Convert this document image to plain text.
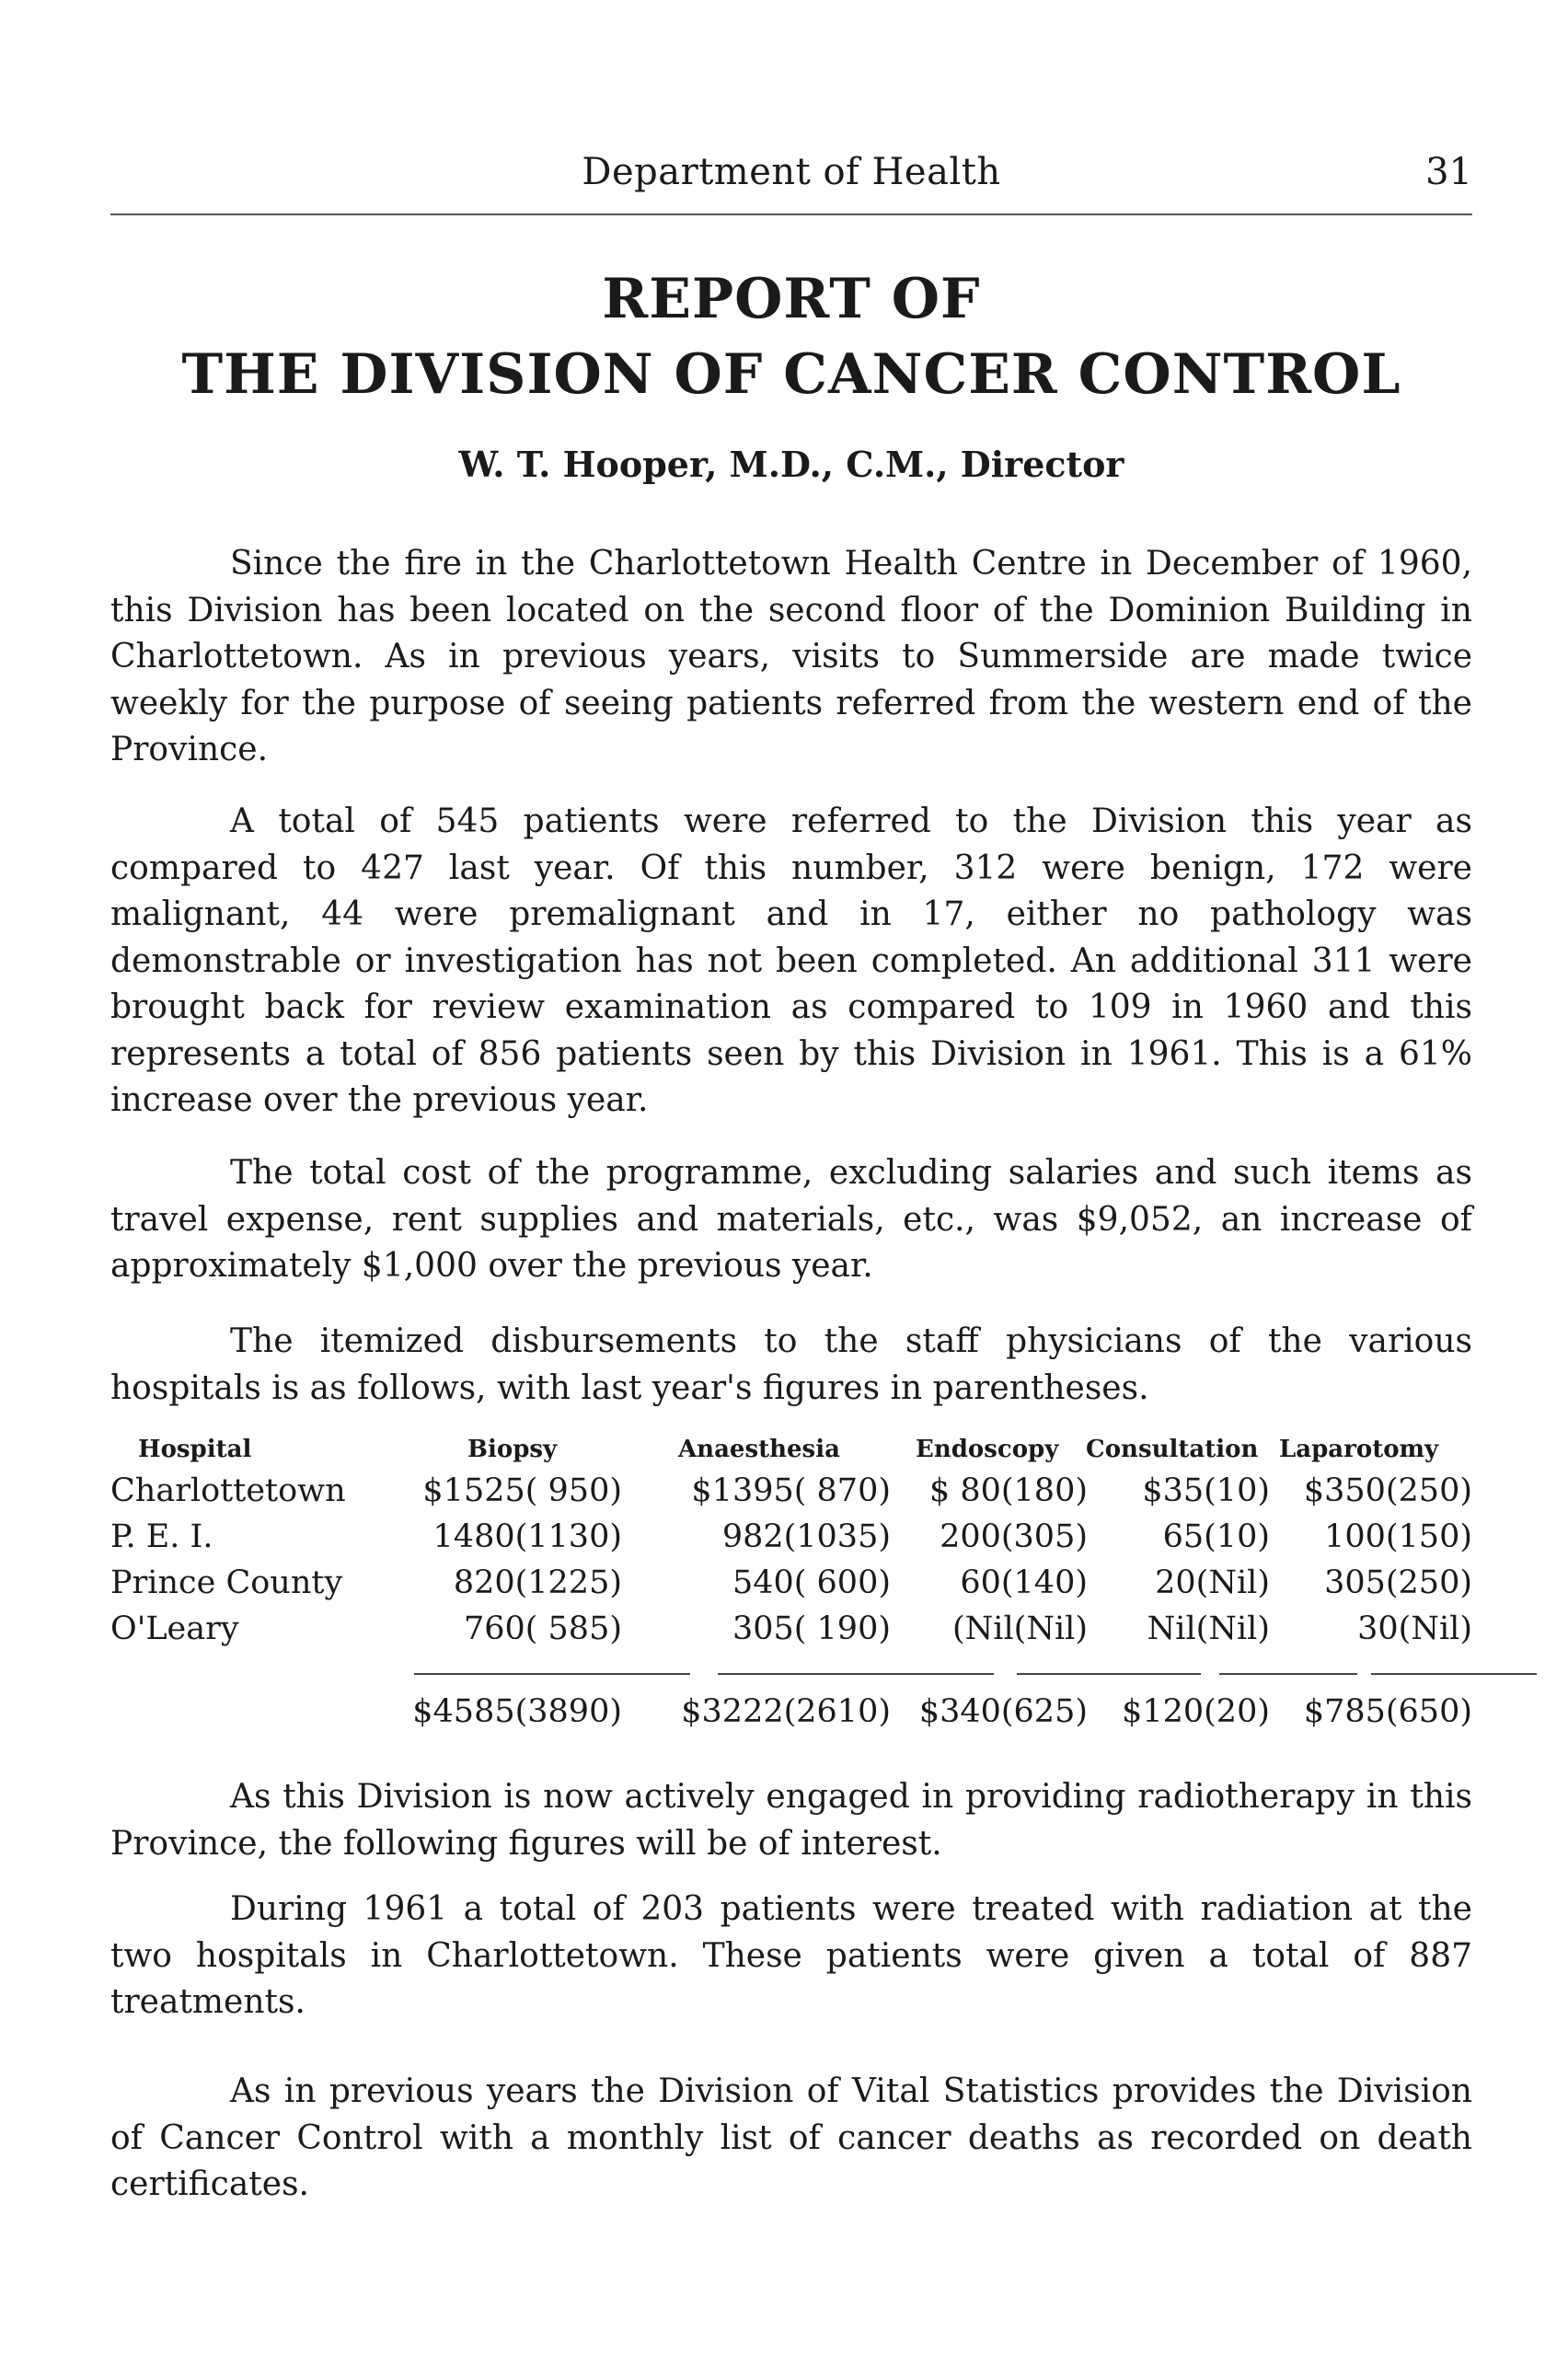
Department of Health	31
REPORT OF
THE DIVISION OF CANCER CONTROL
W. T. Hooper, M.D., C.M., Director

Since the fire in the Charlottetown Health Centre in December of 1960, this Division has been located on the second floor of the Dominion Building in Charlottetown. As in previous years, visits to Summerside are made twice weekly for the purpose of seeing patients referred from the western end of the Province.

A total of 545 patients were referred to the Division this year as compared to 427 last year. Of this number, 312 were benign, 172 were malignant, 44 were premalignant and in 17, either no pathology was demonstrable or investigation has not been completed. An additional 311 were brought back for review examination as compared to 109 in 1960 and this represents a total of 856 patients seen by this Division in 1961. This is a 61% increase over the previous year.

The total cost of the programme, excluding salaries and such items as travel expense, rent supplies and materials, etc., was $9,052, an increase of approximately $1,000 over the previous year.

The itemized disbursements to the staff physicians of the various hospitals is as follows, with last year's figures in parentheses.

Hospital	Biopsy	Anaesthesia	Endoscopy Consultation Laparotomy
Charlottetown $1525( 950) $1395( 870) $ 80(180) $35(10) $350(250)
P. E. I.	1480(1130)	982(1035) 200(305) 65(10) 100(150)
Prince County	820(1225)	540( 600) 60(140) 20(Nil) 305(250)
O'Leary	760( 585)	305( 190) (Nil(Nil) Nil(Nil)	30(Nil)
$4585(3890) $3222(2610) $340(625) $120(20) $785(650)

As this Division is now actively engaged in providing radiotherapy in this Province, the following figures will be of interest.

During 1961 a total of 203 patients were treated with radiation at the two hospitals in Charlottetown. These patients were given a total of 887 treatments.

As in previous years the Division of Vital Statistics provides the Division of Cancer Control with a monthly list of cancer deaths as recorded on death certificates.
